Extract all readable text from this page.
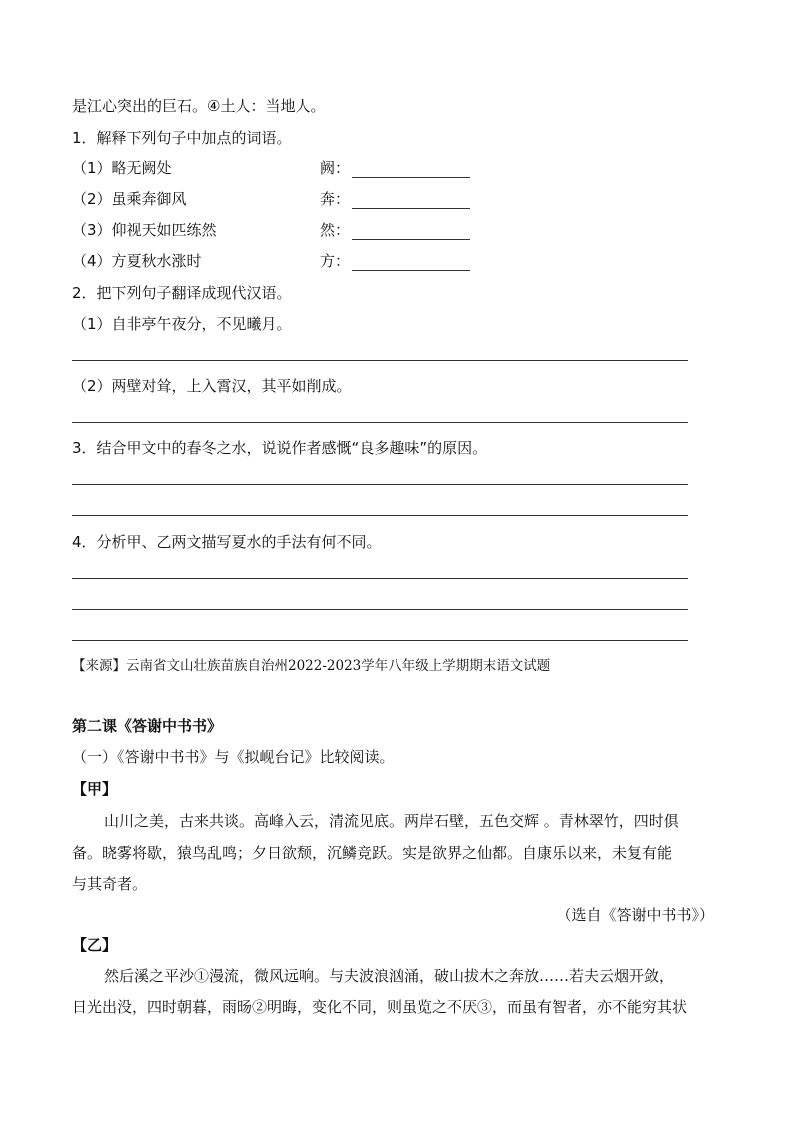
是江心突出的巨石。④土人：当地人。
1．解释下列句子中加点的词语。
（1）略无阙处	阙：
（2）虽乘奔御风	奔：
（3）仰视天如匹练然	然：
（4）方夏秋水涨时	方：
2．把下列句子翻译成现代汉语。
（1）自非亭午夜分，不见曦月。
（2）两壁对耸，上入霄汉，其平如削成。
3．结合甲文中的春冬之水，说说作者感慨“良多趣味”的原因。
4．分析甲、乙两文描写夏水的手法有何不同。
【来源】云南省文山壮族苗族自治州2022-2023学年八年级上学期期末语文试题
第二课《答谢中书书》
（一）《答谢中书书》与《拟岘台记》比较阅读。
【甲】
山川之美，古来共谈。高峰入云，清流见底。两岸石壁，五色交辉 。青林翠竹，四时俱
备。晓雾将歇，猿鸟乱鸣；夕日欲颓，沉鳞竞跃。实是欲界之仙都。自康乐以来，未复有能
与其奇者。
（选自《答谢中书书》）
【乙】
然后溪之平沙①漫流，微风远响。与夫波浪汹涌，破山拔木之奔放……若夫云烟开敛，
日光出没，四时朝暮，雨旸②明晦，变化不同，则虽览之不厌③，而虽有智者，亦不能穷其状
